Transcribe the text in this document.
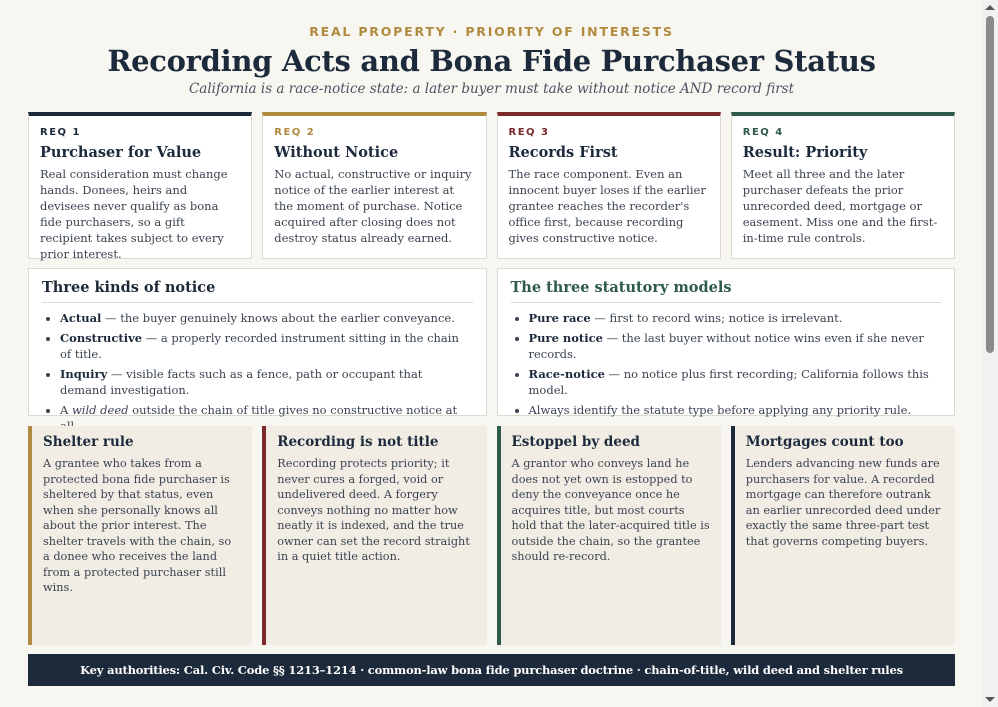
REAL PROPERTY · PRIORITY OF INTERESTS
Recording Acts and Bona Fide Purchaser Status
California is a race-notice state: a later buyer must take without notice AND record first
REQ 1
Purchaser for Value
Real consideration must change hands. Donees, heirs and devisees never qualify as bona fide purchasers, so a gift recipient takes subject to every prior interest.
REQ 2
Without Notice
No actual, constructive or inquiry notice of the earlier interest at the moment of purchase. Notice acquired after closing does not destroy status already earned.
REQ 3
Records First
The race component. Even an innocent buyer loses if the earlier grantee reaches the recorder's office first, because recording gives constructive notice.
REQ 4
Result: Priority
Meet all three and the later purchaser defeats the prior unrecorded deed, mortgage or easement. Miss one and the first-in-time rule controls.
Three kinds of notice
• Actual — the buyer genuinely knows about the earlier conveyance.
• Constructive — a properly recorded instrument sitting in the chain of title.
• Inquiry — visible facts such as a fence, path or occupant that demand investigation.
• A wild deed outside the chain of title gives no constructive notice at
The three statutory models
• Pure race — first to record wins; notice is irrelevant.
• Pure notice — the last buyer without notice wins even if she never records.
• Race-notice — no notice plus first recording; California follows this model.
• Always identify the statute type before applying any priority rule.
Shelter rule
A grantee who takes from a protected bona fide purchaser is sheltered by that status, even when she personally knows all about the prior interest. The shelter travels with the chain, so a donee who receives the land from a protected purchaser still wins.
Recording is not title
Recording protects priority; it never cures a forged, void or undelivered deed. A forgery conveys nothing no matter how neatly it is indexed, and the true owner can set the record straight in a quiet title action.
Estoppel by deed
A grantor who conveys land he does not yet own is estopped to deny the conveyance once he acquires title, but most courts hold that the later-acquired title is outside the chain, so the grantee should re-record.
Mortgages count too
Lenders advancing new funds are purchasers for value. A recorded mortgage can therefore outrank an earlier unrecorded deed under exactly the same three-part test that governs competing buyers.
Key authorities: Cal. Civ. Code §§ 1213–1214 · common-law bona fide purchaser doctrine · chain-of-title, wild deed and shelter rules
